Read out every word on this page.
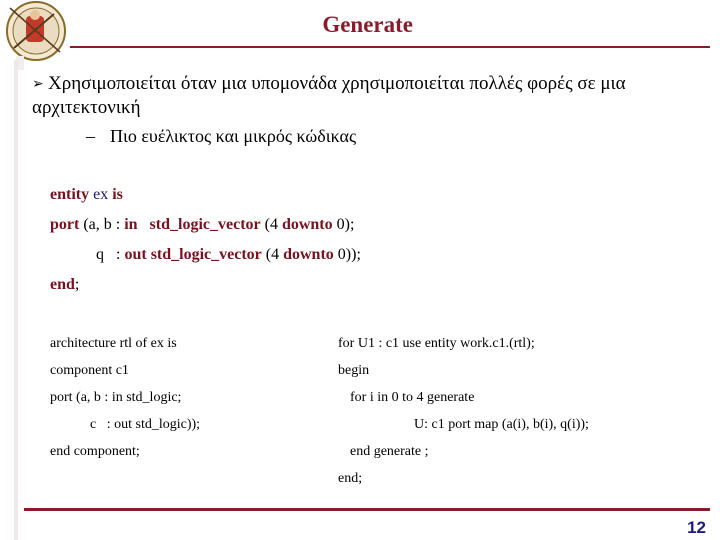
Generate
➢ Χρησιμοποιείται όταν μια υπομονάδα χρησιμοποιείται πολλές φορές σε μια αρχιτεκτονική
– Πιο ευέλικτος και μικρός κώδικας
entity ex is
port (a, b : in std_logic_vector (4 downto 0);
q : out std_logic_vector (4 downto 0));
end;
architecture rtl of ex is
component c1
port (a, b : in std_logic;
c : out std_logic));
end component;
for U1 : c1 use entity work.c1.(rtl);
begin
for i in 0 to 4 generate
U: c1 port map (a(i), b(i), q(i));
end generate ;
end;
12
